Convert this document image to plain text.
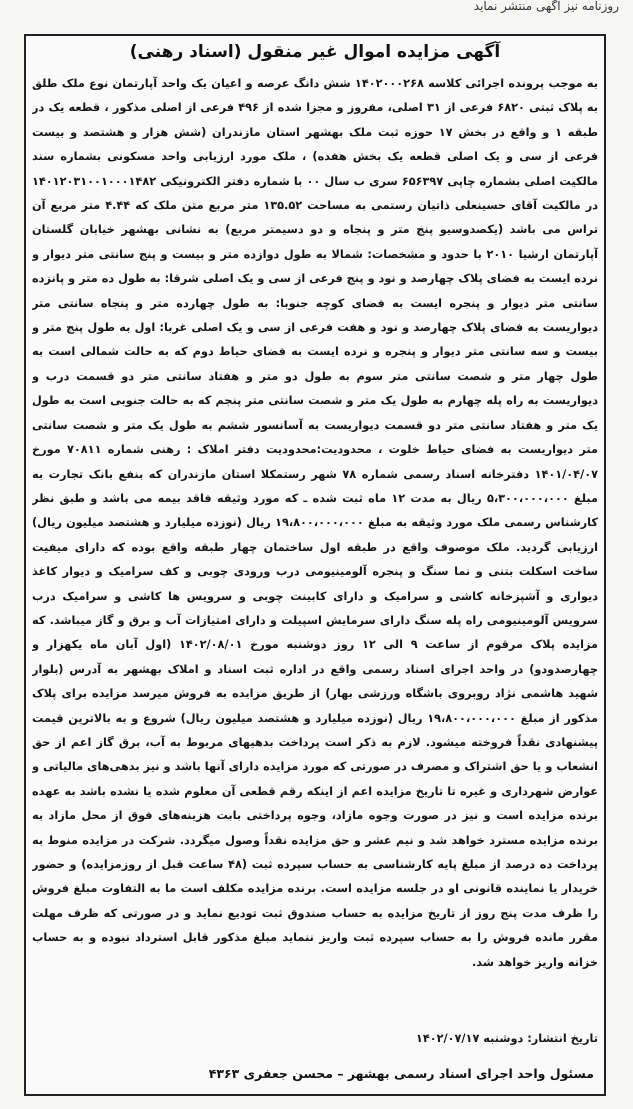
روزنامه نیز آگهی منتشر نماید
آگهی مزایده اموال غیر منقول (اسناد رهنی)
به موجب پرونده اجرائی کلاسه ۱۴۰۲۰۰۰۲۶۸ شش دانگ عرصه و اعیان یک واحد آپارتمان نوع ملک طلق به پلاک ثبتی ۶۸۲۰ فرعی از ۳۱ اصلی، مفروز و مجزا شده از ۴۹۶ فرعی از اصلی مذکور ، قطعه یک در طبقه ۱ و واقع در بخش ۱۷ حوزه ثبت ملک بهشهر استان مازندران (شش هزار و هشتصد و بیست فرعی از سی و یک اصلی قطعه یک بخش هفده) ، ملک مورد ارزیابی واحد مسکونی بشماره سند مالکیت اصلی بشماره چاپی ۶۵۶۳۹۷ سری ب سال ۰۰ با شماره دفتر الکترونیکی ۱۴۰۱۲۰۳۱۰۰۱۰۰۰۱۴۸۲ در مالکیت آقای حسینعلی ذاتیان رستمی به مساحت ۱۳۵.۵۲ متر مربع متن ملک که ۴.۴۴ متر مربع آن تراس می باشد (یکصدوسیو پنج متر و پنجاه و دو دسیمتر مربع) به نشانی بهشهر خیابان گلستان آپارتمان ارشیا ۲۰۱۰ با حدود و مشخصات: شمالا به طول دوازده متر و بیست و پنج سانتی متر دیوار و نرده ایست به فضای پلاک چهارصد و نود و پنج فرعی از سی و یک اصلی شرقا: به طول ده متر و پانزده سانتی متر دیوار و پنجره ایست به فضای کوچه جنوبا: به طول چهارده متر و پنجاه سانتی متر دیواریست به فضای پلاک چهارصد و نود و هفت فرعی از سی و یک اصلی غربا: اول به طول پنج متر و بیست و سه سانتی متر دیوار و پنجره و نرده ایست به فضای حیاط دوم که به حالت شمالی است به طول چهار متر و شصت سانتی متر سوم به طول دو متر و هفتاد سانتی متر دو قسمت درب و دیواریست به راه پله چهارم به طول یک متر و شصت سانتی متر پنجم که به حالت جنوبی است به طول یک متر و هفتاد سانتی متر دو قسمت دیواریست به آسانسور ششم به طول یک متر و شصت سانتی متر دیواریست به فضای حیاط خلوت ، محدودیت:محدودیت دفتر املاک : رهنی شماره ۷۰۸۱۱ مورخ ۱۴۰۱/۰۴/۰۷ دفترخانه اسناد رسمی شماره ۷۸ شهر رستمکلا استان مازندران که بنفع بانک تجارت به مبلغ ۵،۳۰۰،۰۰۰،۰۰۰ ریال به مدت ۱۲ ماه ثبت شده ـ که مورد وثیقه فاقد بیمه می باشد و طبق نظر کارشناس رسمی ملک مورد وثیقه به مبلغ ۱۹،۸۰۰،۰۰۰،۰۰۰ ریال (نوزده میلیارد و هشتصد میلیون ریال) ارزیابی گردید. ملک موصوف واقع در طبقه اول ساختمان چهار طبقه واقع بوده که دارای میفیت ساخت اسکلت بتنی و نما سنگ و پنجره آلومینیومی درب ورودی چوبی و کف سرامیک و دیوار کاغذ دیواری و آشپزخانه کاشی و سرامیک و دارای کابینت چوبی و سرویس ها کاشی و سرامیک درب سرویس آلومینیومی راه پله سنگ دارای سرمایش اسپیلت و دارای امتیازات آب و برق و گاز میباشد. که مزایده پلاک مرقوم از ساعت ۹ الی ۱۲ روز دوشنبه مورخ ۱۴۰۲/۰۸/۰۱ (اول آبان ماه یکهزار و چهارصدودو) در واحد اجرای اسناد رسمی واقع در اداره ثبت اسناد و املاک بهشهر به آدرس (بلوار شهید هاشمی نژاد روبروی باشگاه ورزشی بهار) از طریق مزایده به فروش میرسد مزایده برای پلاک مذکور از مبلغ ۱۹،۸۰۰،۰۰۰،۰۰۰ ریال (نوزده میلیارد و هشتصد میلیون ریال) شروع و به بالاترین قیمت پیشنهادی نقداً فروخته میشود. لازم به ذکر است پرداخت بدهیهای مربوط به آب، برق گاز اعم از حق انشعاب و یا حق اشتراک و مصرف در صورتی که مورد مزایده دارای آنها باشد و نیز بدهی‌های مالیاتی و عوارض شهرداری و غیره تا تاریخ مزایده اعم از اینکه رقم قطعی آن معلوم شده یا نشده باشد به عهده برنده مزایده است و نیز در صورت وجوه مازاد، وجوه پرداختی بابت هزینه‌های فوق از محل مازاد به برنده مزایده مسترد خواهد شد و نیم عشر و حق مزایده نقداً وصول میگردد. شرکت در مزایده منوط به پرداخت ده درصد از مبلغ پایه کارشناسی به حساب سپرده ثبت (۴۸ ساعت قبل از روزمزایده) و حضور خریدار یا نماینده قانونی او در جلسه مزایده است. برنده مزایده مکلف است ما به التفاوت مبلغ فروش را ظرف مدت پنج روز از تاریخ مزایده به حساب صندوق ثبت تودیع نماید و در صورتی که ظرف مهلت مقرر مانده فروش را به حساب سپرده ثبت واریز ننماید مبلغ مذکور قابل استرداد نبوده و به حساب خزانه واریز خواهد شد.
تاریخ انتشار: دوشنبه ۱۴۰۲/۰۷/۱۷
مسئول واحد اجرای اسناد رسمی بهشهر – محسن جعفری ۴۳۶۳
